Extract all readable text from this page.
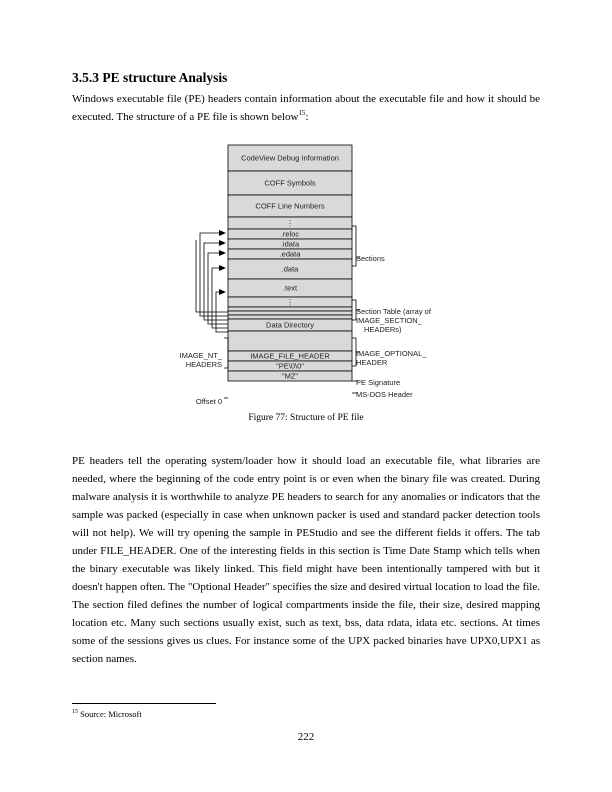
3.5.3 PE structure Analysis

Windows executable file (PE) headers contain information about the executable file and how it should be executed. The structure of a PE file is shown below$^{15}$:

CodeView Debug Information
COFF Symbols
COFF Line Numbers
⋮
.reloc
.idata
.edata
.data
.text
⋮
Data Directory
IMAGE_FILE_HEADER
"PE\0\0"
"MZ"
Sections
Section Table (array of
IMAGE_SECTION_
HEADERs)
IMAGE_OPTIONAL_
HEADER
PE Signature
MS-DOS Header
IMAGE_NT_
HEADERS
Offset 0
Figure 77: Structure of PE file

PE headers tell the operating system/loader how it should load an executable file, what libraries are needed, where the beginning of the code entry point is or even when the binary file was created. During malware analysis it is worthwhile to analyze PE headers to search for any anomalies or indicators that the sample was packed (especially in case when unknown packer is used and standard packer detection tools will not help). We will try opening the sample in PEStudio and see the different fields it offers. The tab under FILE_HEADER. One of the interesting fields in this section is Time Date Stamp which tells when the binary executable was likely linked. This field might have been intentionally tampered with but it doesn't happen often. The "Optional Header" specifies the size and desired virtual location to load the file. The section filed defines the number of logical compartments inside the file, their size, desired mapping location etc. Many such sections usually exist, such as text, bss, data rdata, idata etc. sections. At times some of the sessions gives us clues. For instance some of the UPX packed binaries have UPX0,UPX1 as section names.

$^{15}$ Source: Microsoft
222
